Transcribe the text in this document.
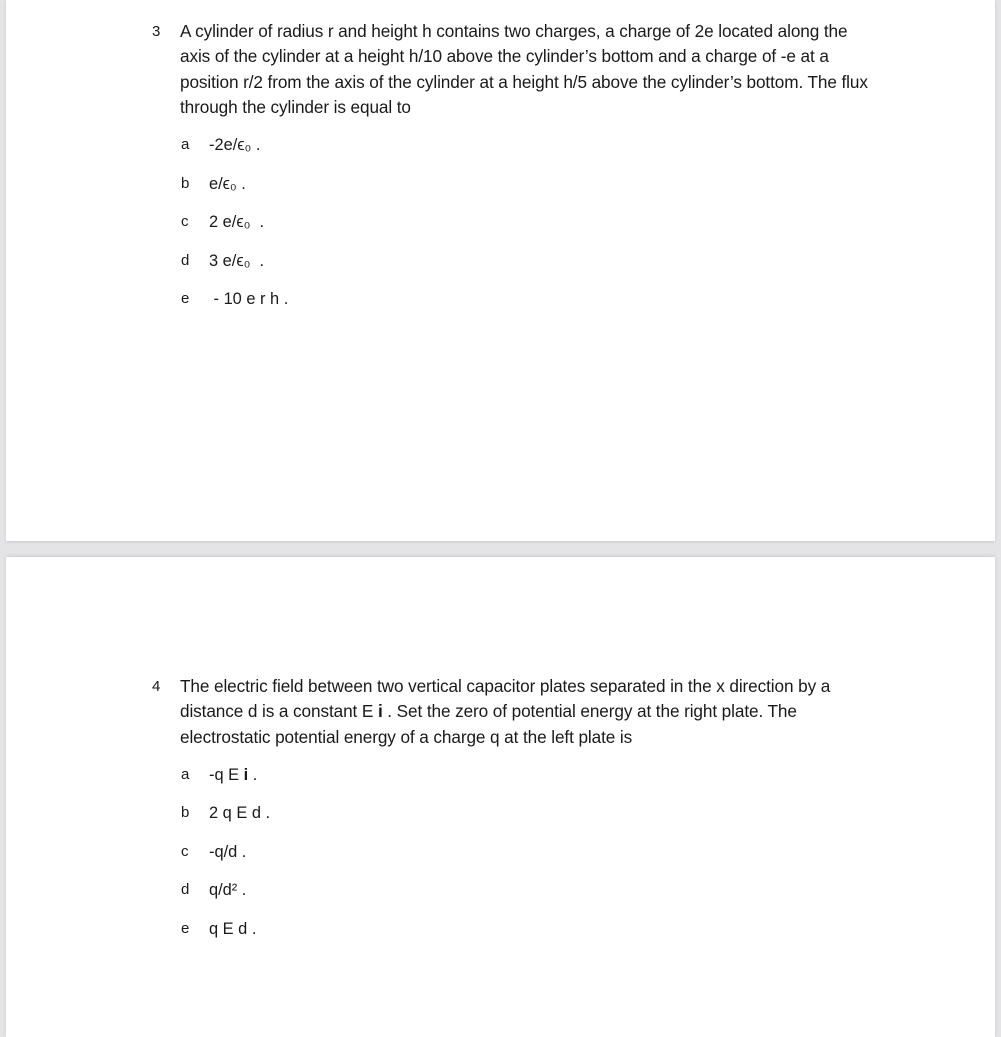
3 A cylinder of radius r and height h contains two charges, a charge of 2e located along the axis of the cylinder at a height h/10 above the cylinder’s bottom and a charge of -e at a position r/2 from the axis of the cylinder at a height h/5 above the cylinder’s bottom. The flux through the cylinder is equal to

a -2e/ϵ₀ .
b e/ϵ₀ .
c 2 e/ϵ₀  .
d 3 e/ϵ₀  .
e - 10 e r h .
4 The electric field between two vertical capacitor plates separated in the x direction by a distance d is a constant E i . Set the zero of potential energy at the right plate. The electrostatic potential energy of a charge q at the left plate is

a -q E i .
b 2 q E d .
c -q/d .
d q/d² .
e q E d .
